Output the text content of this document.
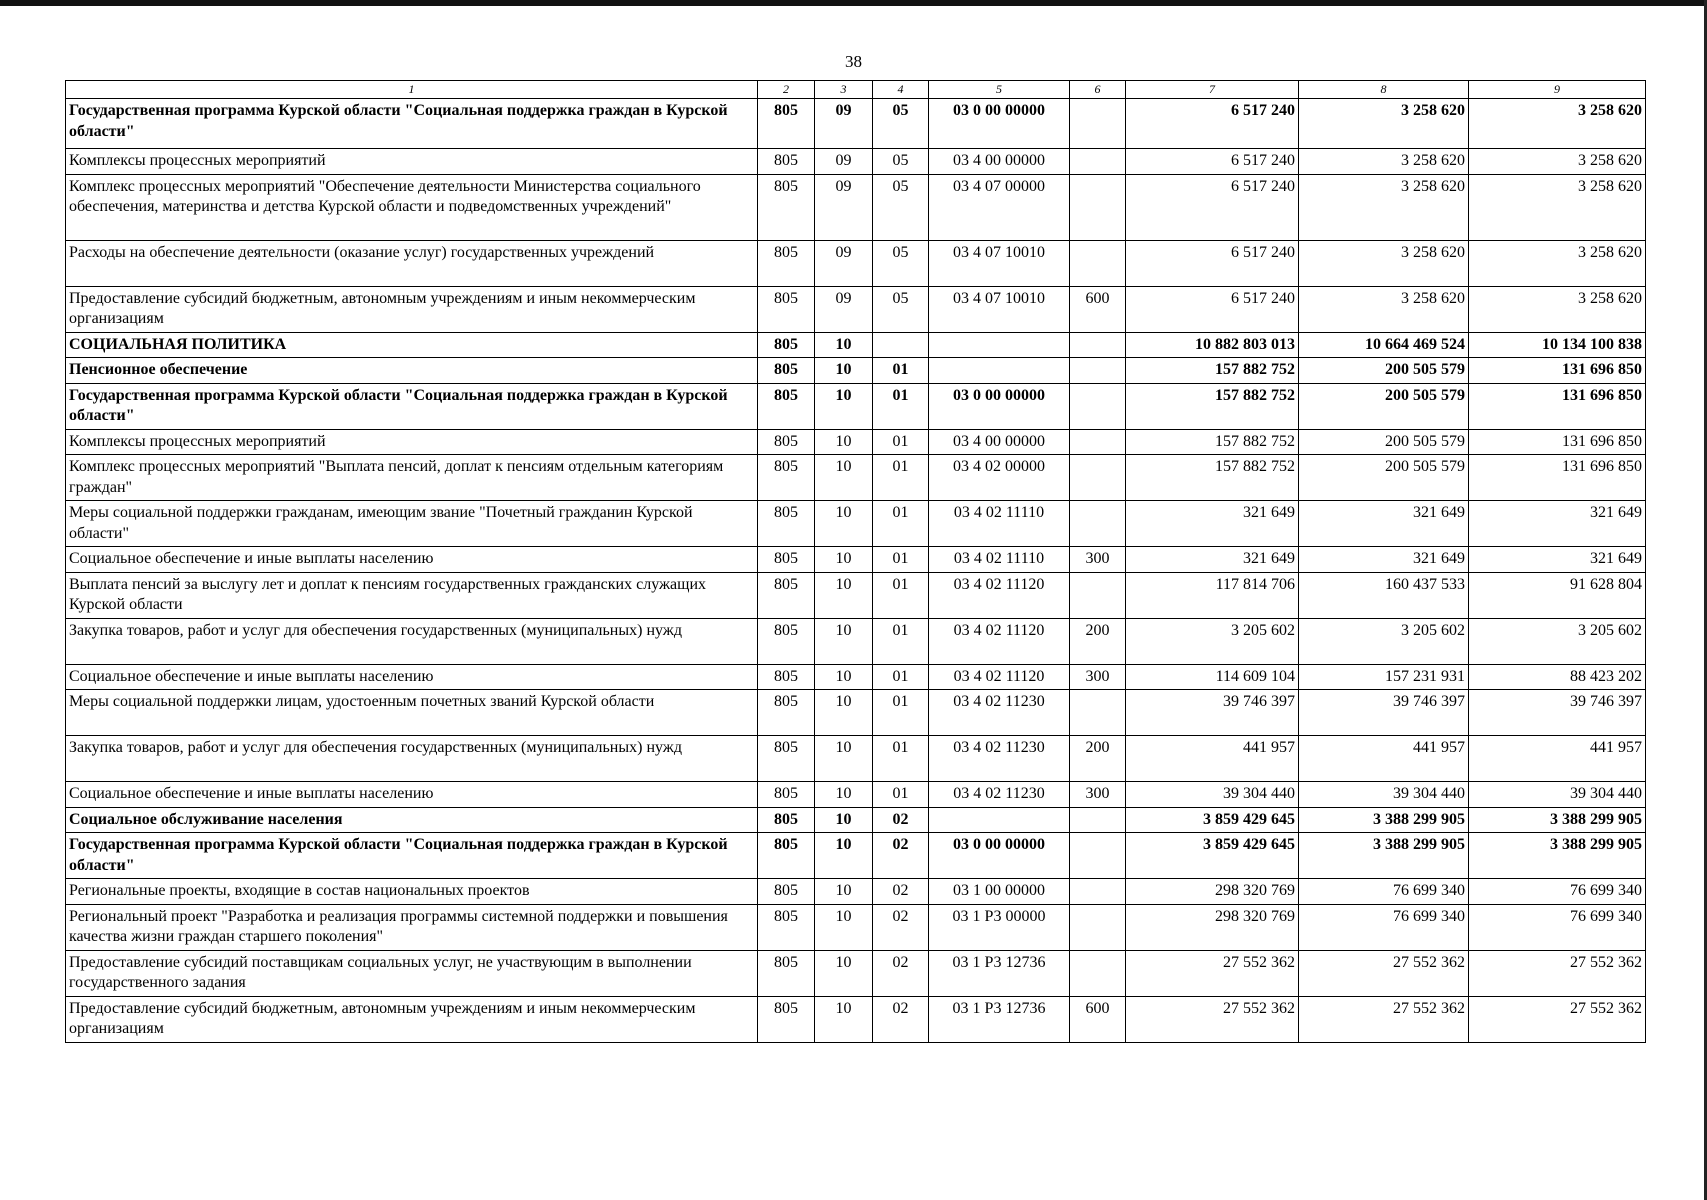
38
1	2	3	4	5	6	7	8	9
Государственная программа Курской области "Социальная поддержка граждан в Курской области"	805	09	05	03 0 00 00000		6 517 240	3 258 620	3 258 620
Комплексы процессных мероприятий	805	09	05	03 4 00 00000		6 517 240	3 258 620	3 258 620
Комплекс процессных мероприятий "Обеспечение деятельности Министерства социального обеспечения, материнства и детства Курской области и подведомственных учреждений"	805	09	05	03 4 07 00000		6 517 240	3 258 620	3 258 620
Расходы на обеспечение деятельности (оказание услуг) государственных учреждений	805	09	05	03 4 07 10010		6 517 240	3 258 620	3 258 620
Предоставление субсидий бюджетным, автономным учреждениям и иным некоммерческим организациям	805	09	05	03 4 07 10010	600	6 517 240	3 258 620	3 258 620
СОЦИАЛЬНАЯ ПОЛИТИКА	805	10				10 882 803 013	10 664 469 524	10 134 100 838
Пенсионное обеспечение	805	10	01			157 882 752	200 505 579	131 696 850
Государственная программа Курской области "Социальная поддержка граждан в Курской области"	805	10	01	03 0 00 00000		157 882 752	200 505 579	131 696 850
Комплексы процессных мероприятий	805	10	01	03 4 00 00000		157 882 752	200 505 579	131 696 850
Комплекс процессных мероприятий "Выплата пенсий, доплат к пенсиям отдельным категориям граждан"	805	10	01	03 4 02 00000		157 882 752	200 505 579	131 696 850
Меры социальной поддержки гражданам, имеющим звание "Почетный гражданин Курской области"	805	10	01	03 4 02 11110		321 649	321 649	321 649
Социальное обеспечение и иные выплаты населению	805	10	01	03 4 02 11110	300	321 649	321 649	321 649
Выплата пенсий за выслугу лет и доплат к пенсиям государственных гражданских служащих Курской области	805	10	01	03 4 02 11120		117 814 706	160 437 533	91 628 804
Закупка товаров, работ и услуг для обеспечения государственных (муниципальных) нужд	805	10	01	03 4 02 11120	200	3 205 602	3 205 602	3 205 602
Социальное обеспечение и иные выплаты населению	805	10	01	03 4 02 11120	300	114 609 104	157 231 931	88 423 202
Меры социальной поддержки лицам, удостоенным почетных званий Курской области	805	10	01	03 4 02 11230		39 746 397	39 746 397	39 746 397
Закупка товаров, работ и услуг для обеспечения государственных (муниципальных) нужд	805	10	01	03 4 02 11230	200	441 957	441 957	441 957
Социальное обеспечение и иные выплаты населению	805	10	01	03 4 02 11230	300	39 304 440	39 304 440	39 304 440
Социальное обслуживание населения	805	10	02			3 859 429 645	3 388 299 905	3 388 299 905
Государственная программа Курской области "Социальная поддержка граждан в Курской области"	805	10	02	03 0 00 00000		3 859 429 645	3 388 299 905	3 388 299 905
Региональные проекты, входящие в состав национальных проектов	805	10	02	03 1 00 00000		298 320 769	76 699 340	76 699 340
Региональный проект "Разработка и реализация программы системной поддержки и повышения качества жизни граждан старшего поколения"	805	10	02	03 1 P3 00000		298 320 769	76 699 340	76 699 340
Предоставление субсидий поставщикам социальных услуг, не участвующим в выполнении государственного задания	805	10	02	03 1 P3 12736		27 552 362	27 552 362	27 552 362
Предоставление субсидий бюджетным, автономным учреждениям и иным некоммерческим организациям	805	10	02	03 1 P3 12736	600	27 552 362	27 552 362	27 552 362
